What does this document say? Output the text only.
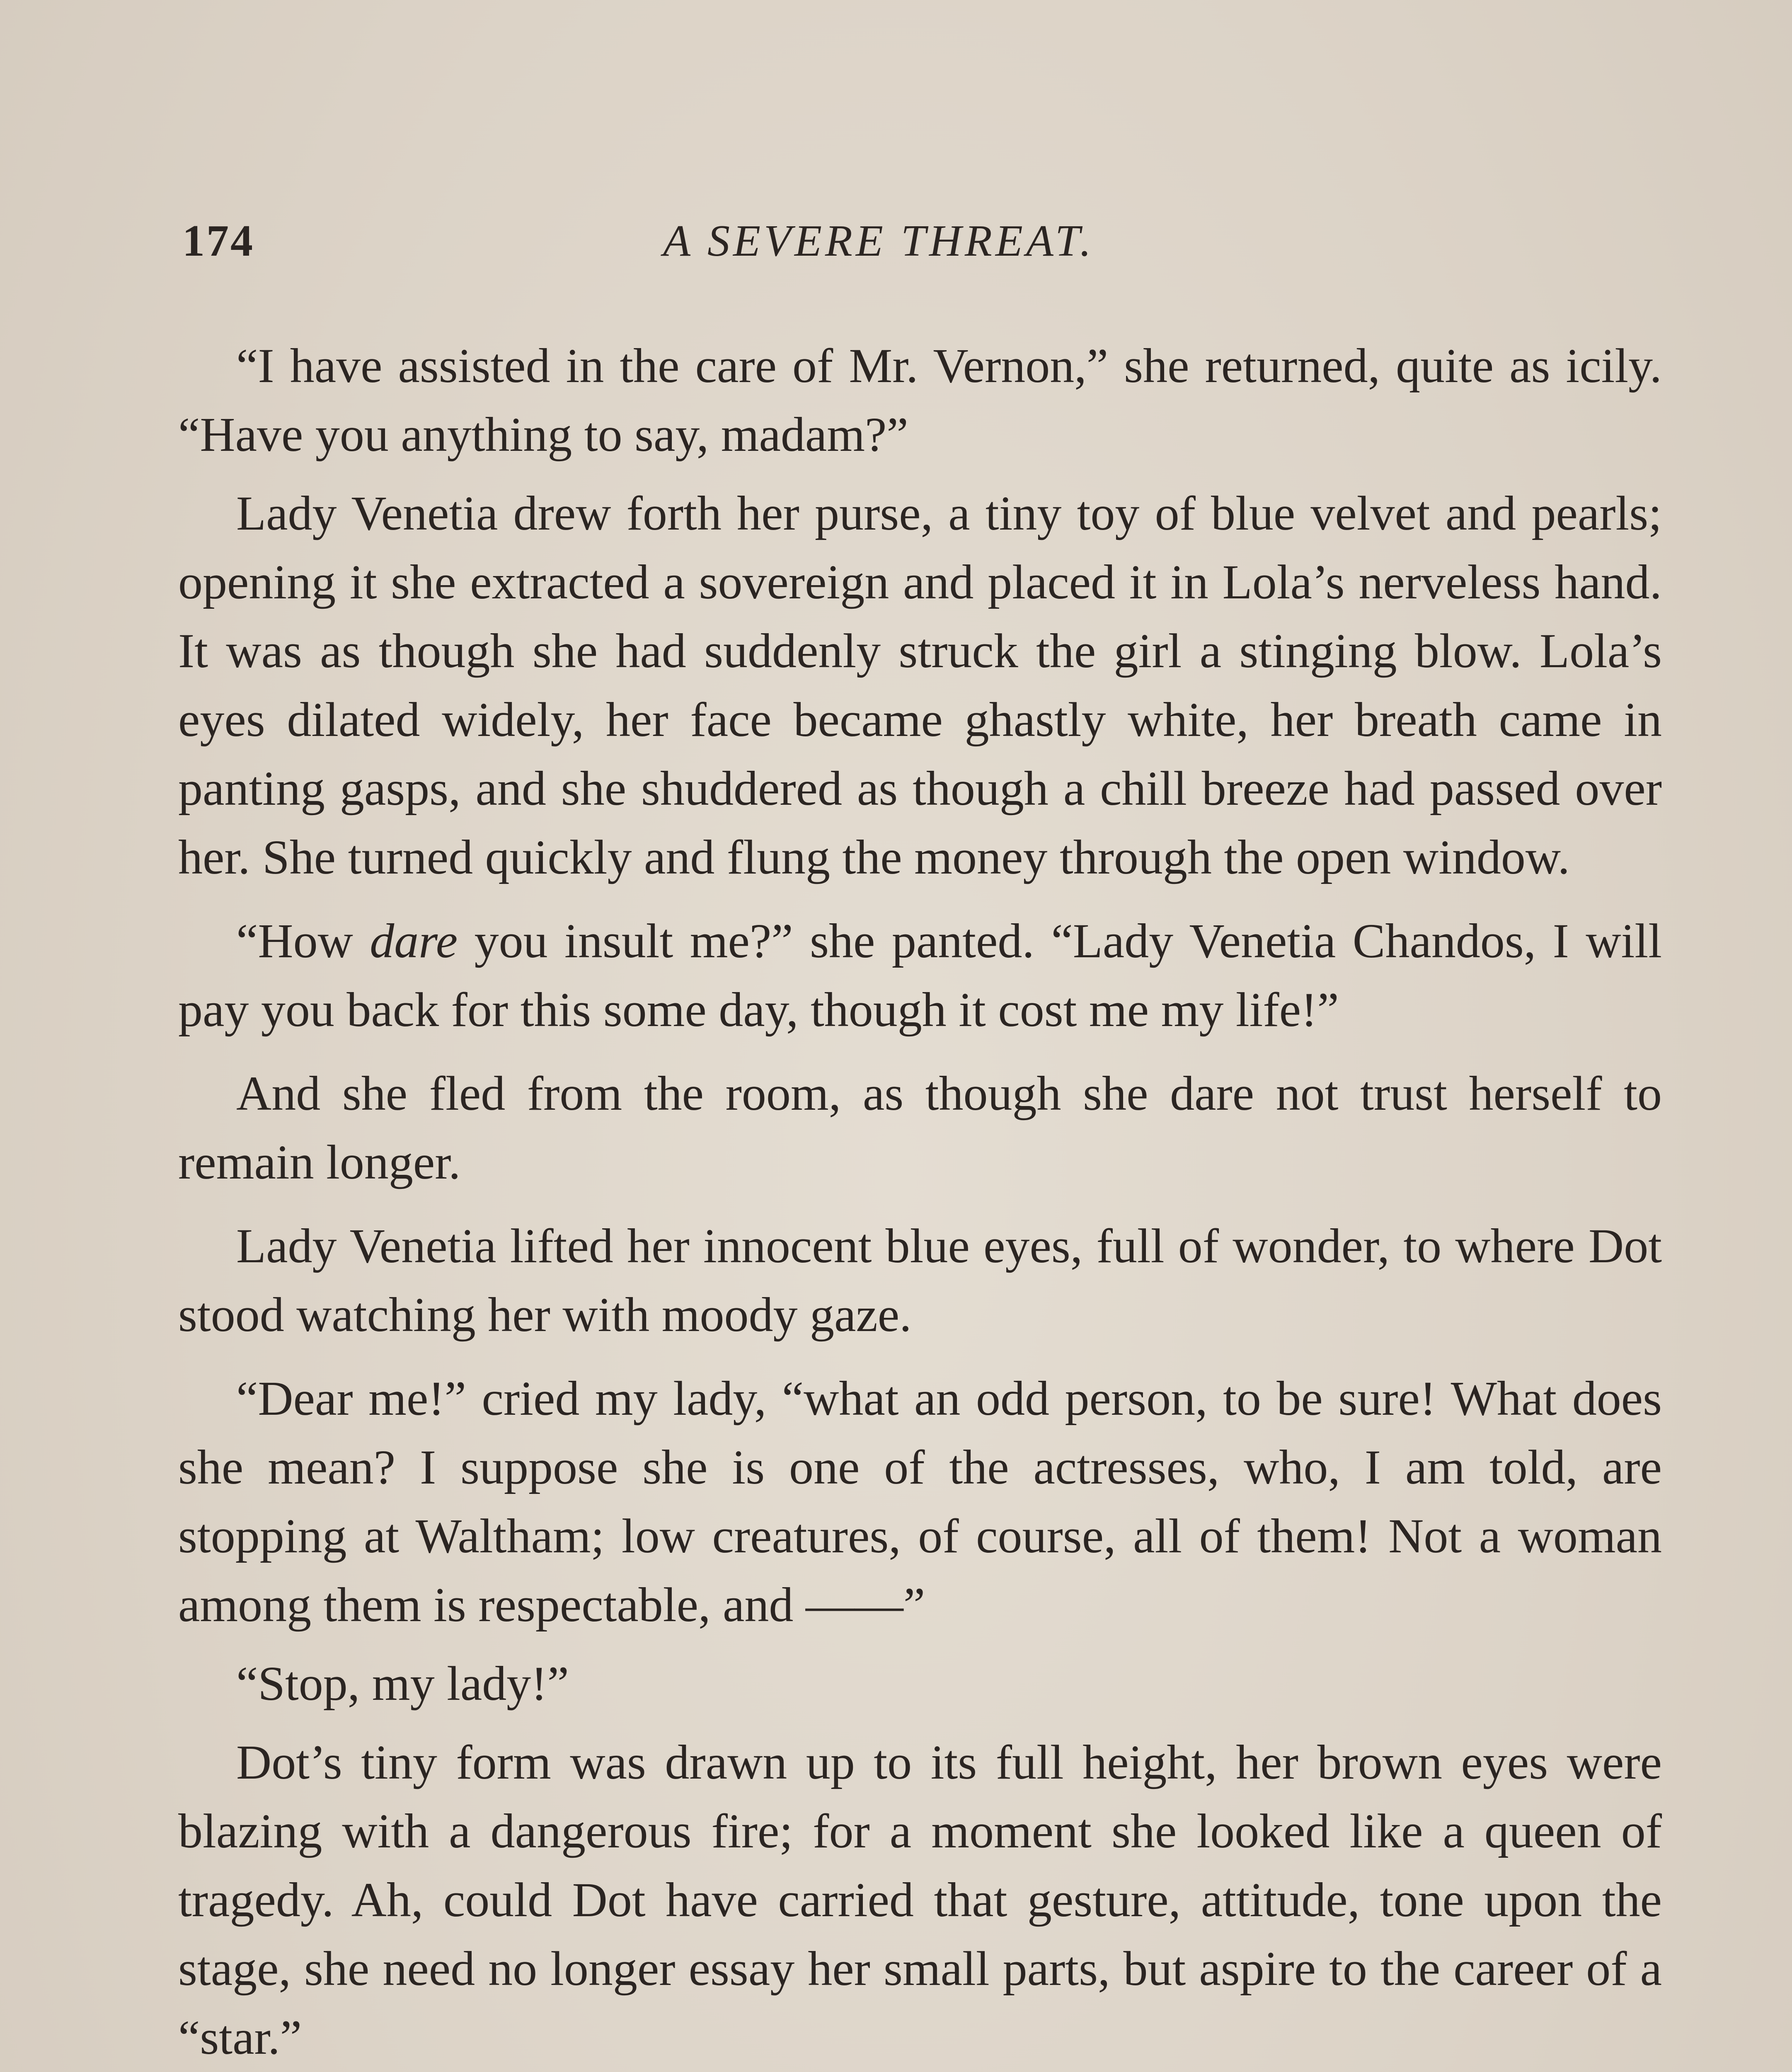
174	A SEVERE THREAT.

“I have assisted in the care of Mr. Vernon,” she returned, quite as icily. “Have you anything to say, madam?”

Lady Venetia drew forth her purse, a tiny toy of blue velvet and pearls; opening it she extracted a sovereign and placed it in Lola’s nerveless hand. It was as though she had suddenly struck the girl a stinging blow. Lola’s eyes dilated widely, her face became ghastly white, her breath came in panting gasps, and she shuddered as though a chill breeze had passed over her. She turned quickly and flung the money through the open window.

“How dare you insult me?” she panted. “Lady Venetia Chandos, I will pay you back for this some day, though it cost me my life!”

And she fled from the room, as though she dare not trust herself to remain longer.

Lady Venetia lifted her innocent blue eyes, full of wonder, to where Dot stood watching her with moody gaze.

“Dear me!” cried my lady, “what an odd person, to be sure! What does she mean? I suppose she is one of the actresses, who, I am told, are stopping at Waltham; low creatures, of course, all of them! Not a woman among them is respectable, and ——”

“Stop, my lady!”

Dot’s tiny form was drawn up to its full height, her brown eyes were blazing with a dangerous fire; for a moment she looked like a queen of tragedy. Ah, could Dot have carried that gesture, attitude, tone upon the stage, she need no longer essay her small parts, but aspire to the career of a “star.”
